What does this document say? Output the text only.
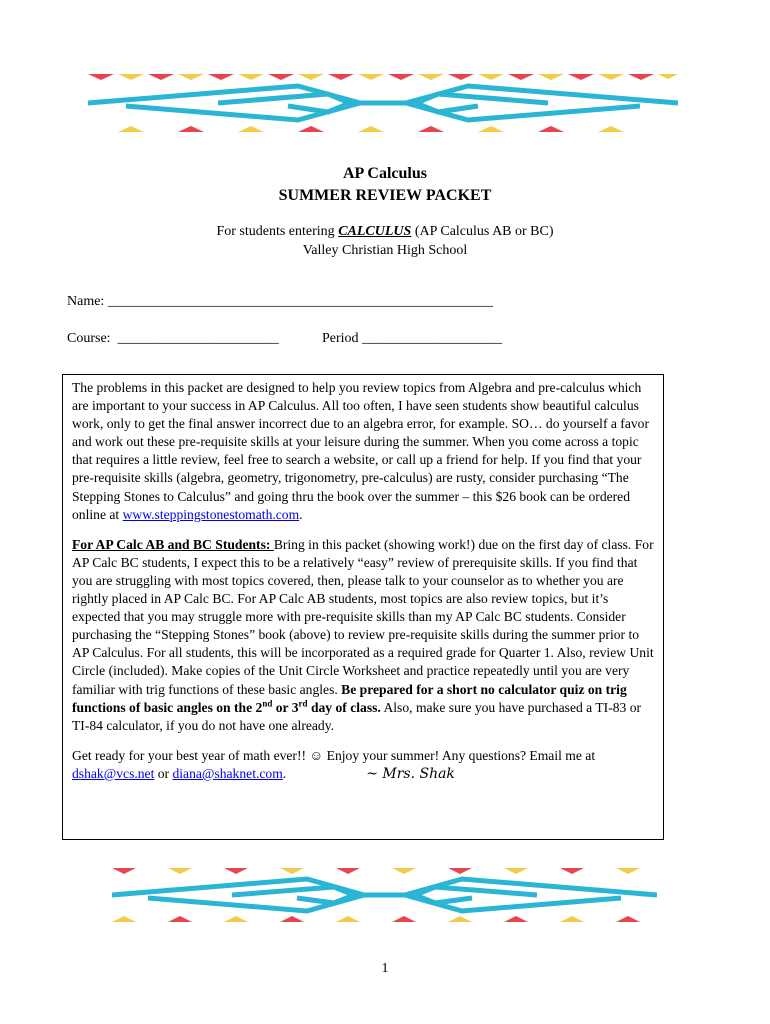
AP Calculus
SUMMER REVIEW PACKET
For students entering CALCULUS (AP Calculus AB or BC)
Valley Christian High School
Name: _______________________________________________________
Course:  _______________________	Period ____________________

The problems in this packet are designed to help you review topics from Algebra and pre-calculus which are important to your success in AP Calculus. All too often, I have seen students show beautiful calculus work, only to get the final answer incorrect due to an algebra error, for example. SO… do yourself a favor and work out these pre-requisite skills at your leisure during the summer. When you come across a topic that requires a little review, feel free to search a website, or call up a friend for help. If you find that your pre-requisite skills (algebra, geometry, trigonometry, pre-calculus) are rusty, consider purchasing “The Stepping Stones to Calculus” and going thru the book over the summer – this $26 book can be ordered online at www.steppingstonestomath.com.

For AP Calc AB and BC Students: Bring in this packet (showing work!) due on the first day of class. For AP Calc BC students, I expect this to be a relatively “easy” review of prerequisite skills. If you find that you are struggling with most topics covered, then, please talk to your counselor as to whether you are rightly placed in AP Calc BC. For AP Calc AB students, most topics are also review topics, but it’s expected that you may struggle more with pre-requisite skills than my AP Calc BC students. Consider purchasing the “Stepping Stones” book (above) to review pre-requisite skills during the summer prior to AP Calculus. For all students, this will be incorporated as a required grade for Quarter 1. Also, review Unit Circle (included). Make copies of the Unit Circle Worksheet and practice repeatedly until you are very familiar with trig functions of these basic angles. Be prepared for a short no calculator quiz on trig functions of basic angles on the 2nd or 3rd day of class. Also, make sure you have purchased a TI-83 or TI-84 calculator, if you do not have one already.

Get ready for your best year of math ever!! ☺ Enjoy your summer! Any questions? Email me at dshak@vcs.net or diana@shaknet.com.	~ Mrs. Shak

1
